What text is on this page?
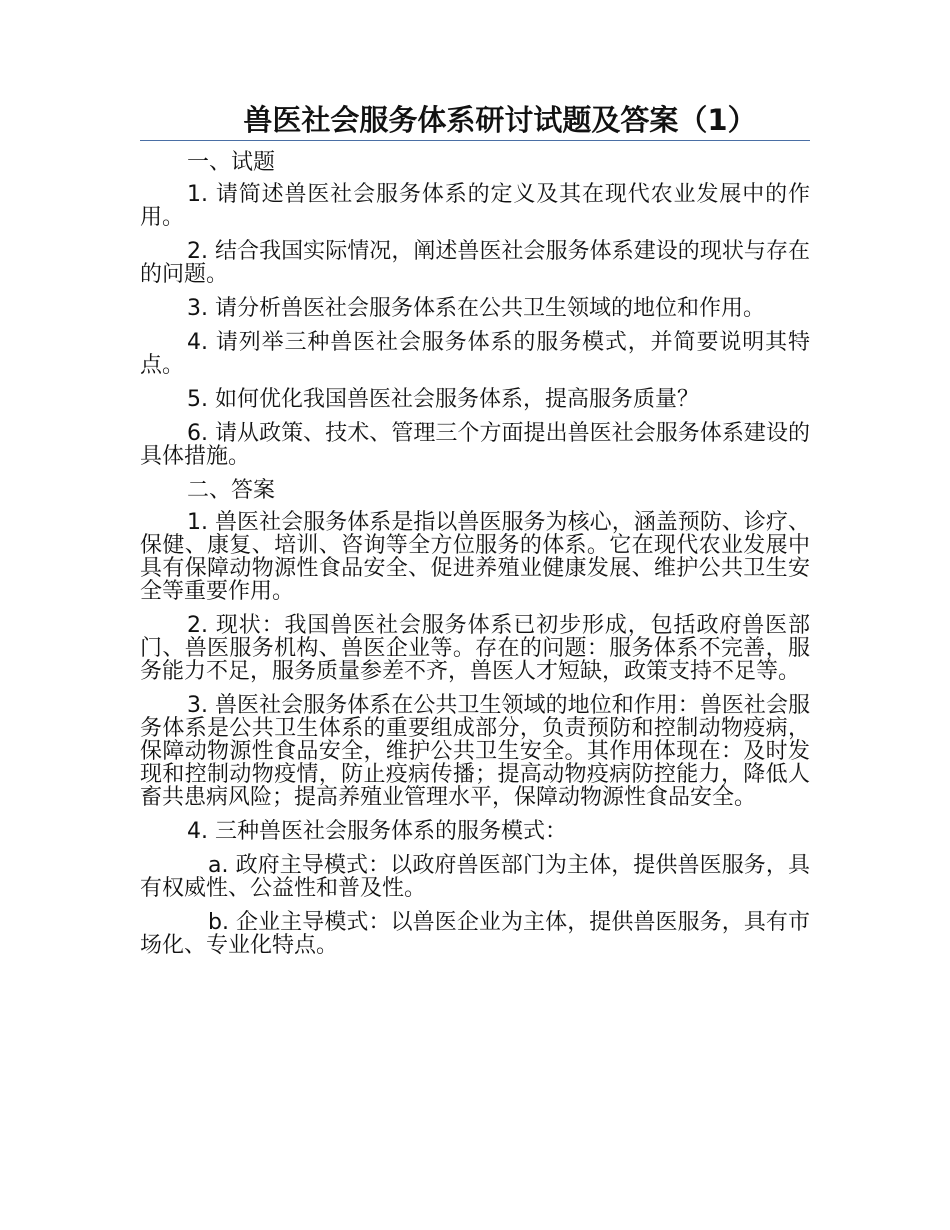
兽医社会服务体系研讨试题及答案（1）

一、试题

1. 请简述兽医社会服务体系的定义及其在现代农业发展中的作用。

2. 结合我国实际情况，阐述兽医社会服务体系建设的现状与存在的问题。

3. 请分析兽医社会服务体系在公共卫生领域的地位和作用。

4. 请列举三种兽医社会服务体系的服务模式，并简要说明其特点。

5. 如何优化我国兽医社会服务体系，提高服务质量？

6. 请从政策、技术、管理三个方面提出兽医社会服务体系建设的具体措施。

二、答案

1. 兽医社会服务体系是指以兽医服务为核心，涵盖预防、诊疗、保健、康复、培训、咨询等全方位服务的体系。它在现代农业发展中具有保障动物源性食品安全、促进养殖业健康发展、维护公共卫生安全等重要作用。

2. 现状：我国兽医社会服务体系已初步形成，包括政府兽医部门、兽医服务机构、兽医企业等。存在的问题：服务体系不完善，服务能力不足，服务质量参差不齐，兽医人才短缺，政策支持不足等。

3. 兽医社会服务体系在公共卫生领域的地位和作用：兽医社会服务体系是公共卫生体系的重要组成部分，负责预防和控制动物疫病，保障动物源性食品安全，维护公共卫生安全。其作用体现在：及时发现和控制动物疫情，防止疫病传播；提高动物疫病防控能力，降低人畜共患病风险；提高养殖业管理水平，保障动物源性食品安全。

4. 三种兽医社会服务体系的服务模式：

a. 政府主导模式：以政府兽医部门为主体，提供兽医服务，具有权威性、公益性和普及性。

b. 企业主导模式：以兽医企业为主体，提供兽医服务，具有市场化、专业化特点。
